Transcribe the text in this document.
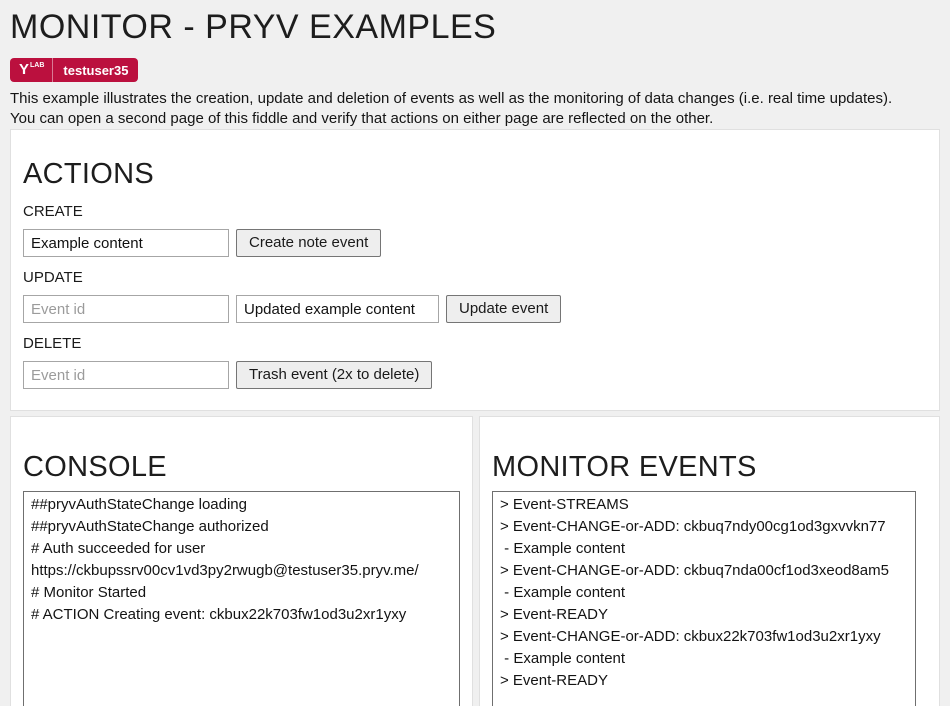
MONITOR - PRYV EXAMPLES
Y LAB	testuser35

This example illustrates the creation, update and deletion of events as well as the monitoring of data changes (i.e. real time updates). You can open a second page of this fiddle and verify that actions on either page are reflected on the other.

ACTIONS
CREATE
Example content
Create note event
UPDATE
Event id
Updated example content
Update event
DELETE
Event id
Trash event (2x to delete)
CONSOLE
##pryvAuthStateChange loading
##pryvAuthStateChange authorized
# Auth succeeded for user
https://ckbupssrv00cv1vd3py2rwugb@testuser35.pryv.me/
# Monitor Started
# ACTION Creating event: ckbux22k703fw1od3u2xr1yxy
MONITOR EVENTS
> Event-STREAMS
> Event-CHANGE-or-ADD: ckbuq7ndy00cg1od3gxvvkn77
- Example content
> Event-CHANGE-or-ADD: ckbuq7nda00cf1od3xeod8am5
- Example content
> Event-READY
> Event-CHANGE-or-ADD: ckbux22k703fw1od3u2xr1yxy
- Example content
> Event-READY
